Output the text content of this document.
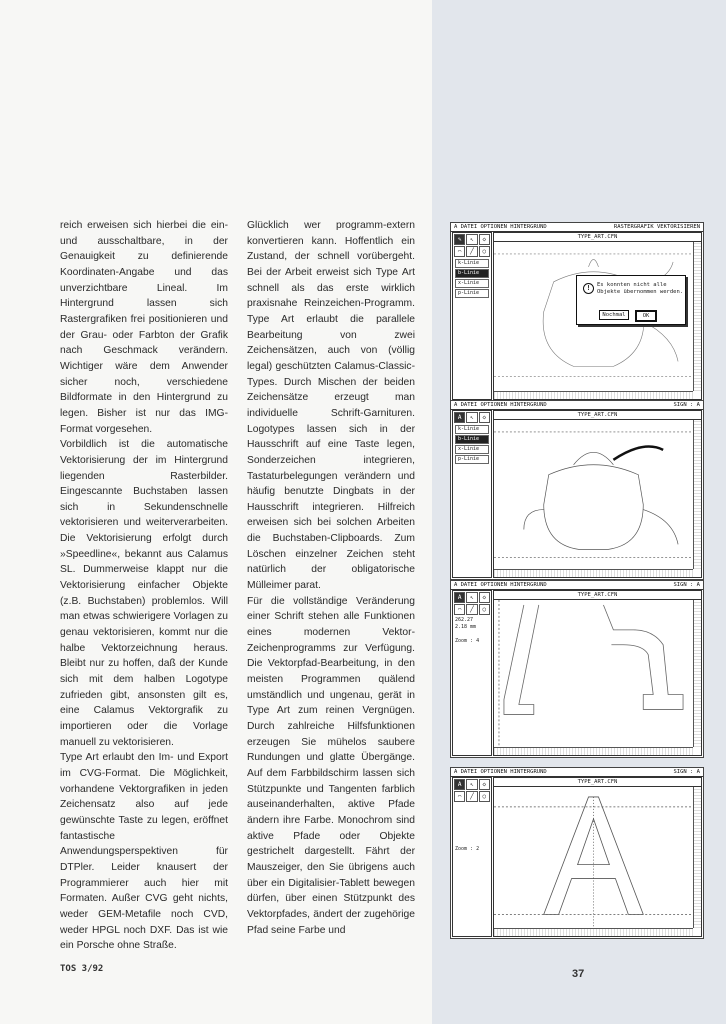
reich erweisen sich hierbei die ein- und ausschaltbare, in der Genauigkeit zu definierende Koordinaten-Angabe und das unverzichtbare Lineal. Im Hintergrund lassen sich Rastergrafiken frei positionieren und der Grau- oder Farbton der Grafik nach Geschmack verändern. Wichtiger wäre dem Anwender sicher noch, verschiedene Bildformate in den Hintergrund zu legen. Bisher ist nur das IMG-Format vorgesehen.

Vorbildlich ist die automatische Vektorisierung der im Hintergrund liegenden Rasterbilder. Eingescannte Buchstaben lassen sich in Sekundenschnelle vektorisieren und weiterverarbeiten. Die Vektorisierung erfolgt durch »Speedline«, bekannt aus Calamus SL. Dummerweise klappt nur die Vektorisierung einfacher Objekte (z.B. Buchstaben) problemlos. Will man etwas schwierigere Vorlagen zu genau vektorisieren, kommt nur die halbe Vektorzeichnung heraus. Bleibt nur zu hoffen, daß der Kunde sich mit dem halben Logotype zufrieden gibt, ansonsten gilt es, eine Calamus Vektorgrafik zu importieren oder die Vorlage manuell zu vektorisieren.

Type Art erlaubt den Im- und Export im CVG-Format. Die Möglichkeit, vorhandene Vektorgrafiken in jeden Zeichensatz also auf jede gewünschte Taste zu legen, eröffnet fantastische Anwendungsperspektiven für DTPler. Leider knausert der Programmierer auch hier mit Formaten. Außer CVG geht nichts, weder GEM-Metafile noch CVD, weder HPGL noch DXF. Das ist wie ein Porsche ohne Straße.

Glücklich wer programm-extern konvertieren kann. Hoffentlich ein Zustand, der schnell vorübergeht. Bei der Arbeit erweist sich Type Art schnell als das erste wirklich praxisnahe Reinzeichen-Programm. Type Art erlaubt die parallele Bearbeitung von zwei Zeichensätzen, auch von (völlig legal) geschützten Calamus-Classic-Types. Durch Mischen der beiden Zeichensätze erzeugt man individuelle Schrift-Garnituren. Logotypes lassen sich in der Hausschrift auf eine Taste legen, Sonderzeichen integrieren, Tastaturbelegungen verändern und häufig benutzte Dingbats in der Hausschrift integrieren. Hilfreich erweisen sich bei solchen Arbeiten die Buchstaben-Clipboards. Zum Löschen einzelner Zeichen steht natürlich der obligatorische Mülleimer parat.

Für die vollständige Veränderung einer Schrift stehen alle Funktionen eines modernen Vektor-Zeichenprogramms zur Verfügung. Die Vektorpfad-Bearbeitung, in den meisten Programmen quälend umständlich und ungenau, gerät in Type Art zum reinen Vergnügen. Durch zahlreiche Hilfsfunktionen erzeugen Sie mühelos saubere Rundungen und glatte Übergänge. Auf dem Farbbildschirm lassen sich Stützpunkte und Tangenten farblich auseinanderhalten, aktive Pfade ändern ihre Farbe. Monochrom sind aktive Pfade oder Objekte gestrichelt dargestellt. Fährt der Mauszeiger, den Sie übrigens auch über ein Digitalisier-Tablett bewegen dürfen, über einen Stützpunkt des Vektorpfades, ändert der zugehörige Pfad seine Farbe und

A DATEI OPTIONEN HINTERGRUND	RASTERGRAFIK VEKTORISIEREN
✎	↖	◇
⌒	╱	○
k-Linie
b-Linie
x-Linie
p-Linie
TYPE_ART.CFN
!	Es konnten nicht alle
Objekte übernommen werden.
Nochmal	OK
A DATEI OPTIONEN HINTERGRUND	SIGN : A
A	↖	◇
k-Linie
b-Linie
x-Linie
p-Linie
TYPE_ART.CFN
A DATEI OPTIONEN HINTERGRUND	SIGN : A
A	↖	◇
⌒	╱	○
262.27
2.18 mm

Zoom : 4
TYPE_ART.CFN
A DATEI OPTIONEN HINTERGRUND	SIGN : A
A	↖	◇
⌒	╱	○

Zoom : 2
TYPE_ART.CFN
TOS 3/92	37
